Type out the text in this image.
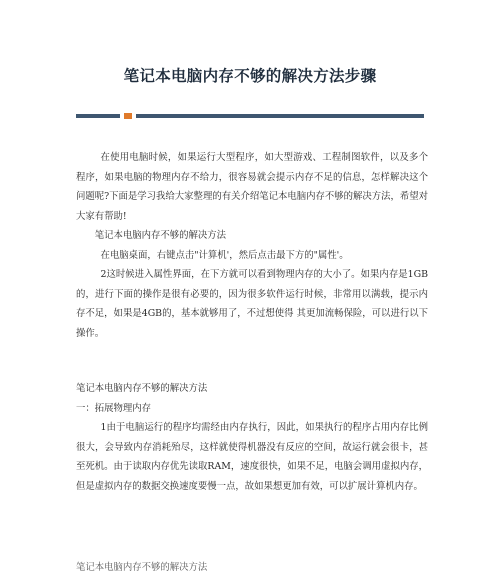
笔记本电脑内存不够的解决方法步骤

在使用电脑时候，如果运行大型程序，如大型游戏、工程制图软件，以及多个程序，如果电脑的物理内存不给力，很容易就会提示内存不足的信息，怎样解决这个问题呢?下面是学习我给大家整理的有关介绍笔记本电脑内存不够的解决方法，希望对大家有帮助!

笔记本电脑内存不够的解决方法

在电脑桌面，右键点击"计算机'，然后点击最下方的"属性'。

2这时候进入属性界面，在下方就可以看到物理内存的大小了。如果内存是1GB的，进行下面的操作是很有必要的，因为很多软件运行时候，非常用以满载，提示内存不足，如果是4GB的，基本就够用了，不过想使得 其更加流畅保险，可以进行以下操作。

笔记本电脑内存不够的解决方法

一：拓展物理内存

1由于电脑运行的程序均需经由内存执行，因此，如果执行的程序占用内存比例很大，会导致内存消耗殆尽，这样就使得机器没有反应的空间，故运行就会很卡，甚至死机。由于读取内存优先读取RAM，速度很快，如果不足，电脑会调用虚拟内存，但是虚拟内存的数据交换速度要慢一点，故如果想更加有效，可以扩展计算机内存。

笔记本电脑内存不够的解决方法
